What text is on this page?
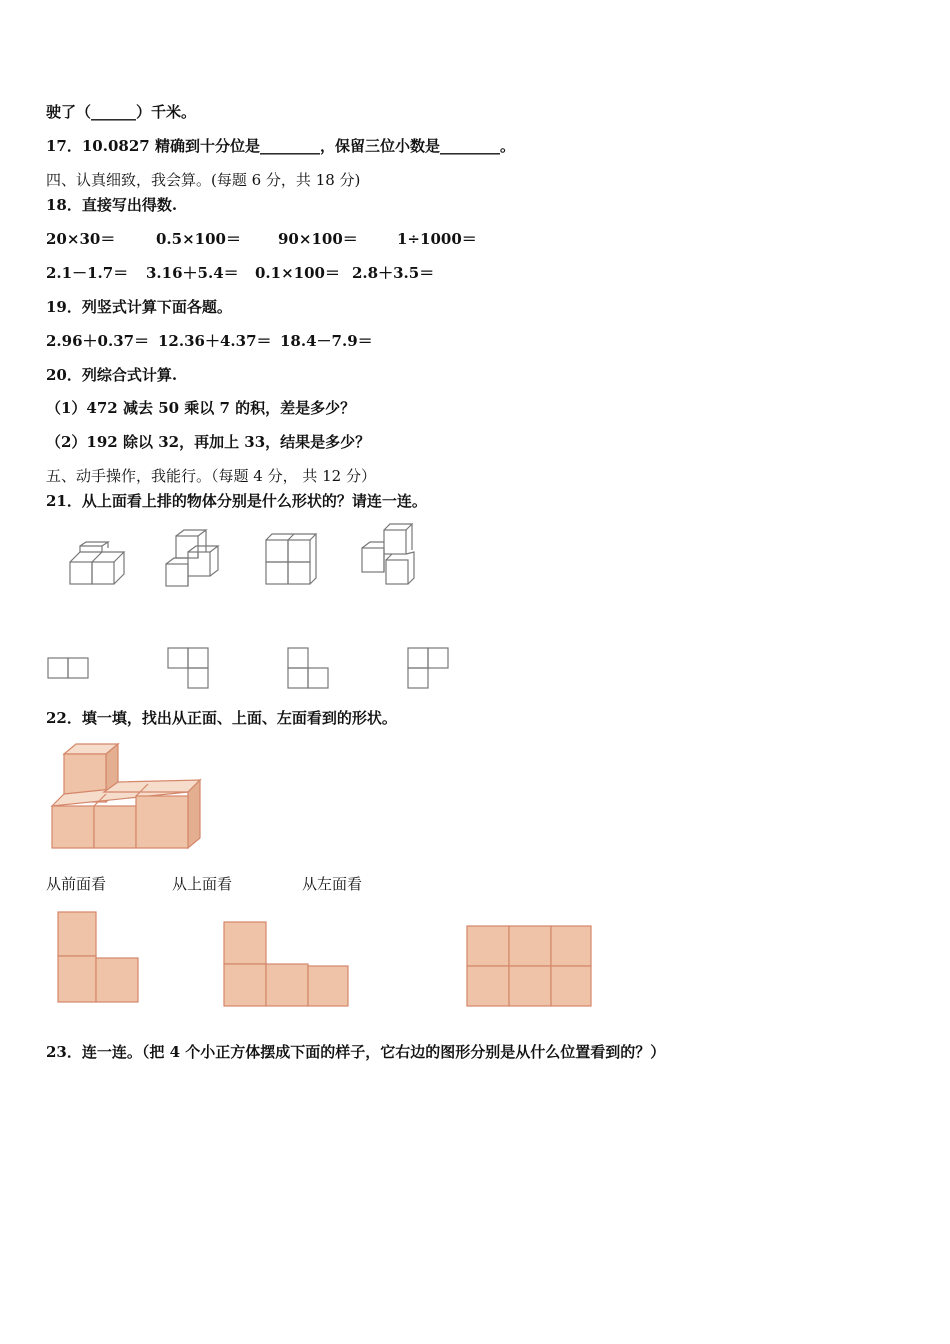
驶了（______）千米。
17．10.0827 精确到十分位是________，保留三位小数是________。
四、认真细致，我会算。(每题 6 分，共 18 分)
18．直接写出得数.
20×30＝	0.5×100＝ 90×100＝	1÷1000＝
2.1－1.7＝ 3.16＋5.4＝ 0.1×100＝ 2.8＋3.5＝
19．列竖式计算下面各题。
2.96＋0.37＝ 12.36＋4.37＝ 18.4－7.9＝
20．列综合式计算.
（1）472 减去 50 乘以 7 的积，差是多少？
（2）192 除以 32，再加上 33，结果是多少？
五、动手操作，我能行。（每题 4 分， 共 12 分）
21．从上面看上排的物体分别是什么形状的？请连一连。
22．填一填，找出从正面、上面、左面看到的形状。
从前面看	从上面看	从左面看
23．连一连。（把 4 个小正方体摆成下面的样子，它右边的图形分别是从什么位置看到的？）
